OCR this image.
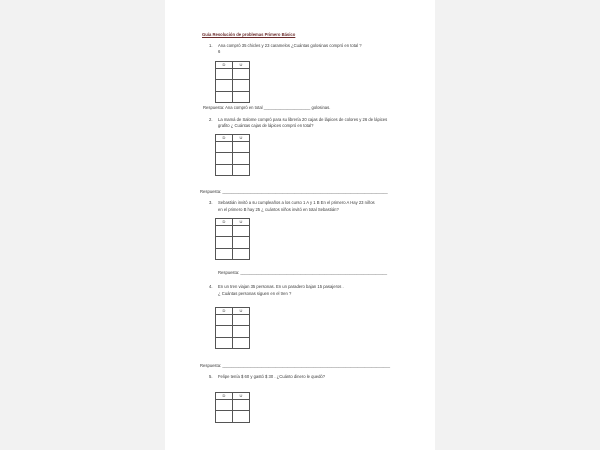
Guía Resolución de problemas Primero Básico
1. Ana compró 35 chicles y 23 caramelos ¿Cuántas golosinas compró en total ?
6
D	U

Respuesta: Ana compró en total ____________________ golosinas.
2. La mamá de Salome compró para su librería 20 cajas de lápices de colores y 26 de lápices
grafito ¿ Cuántas cajas de lápices compró en total?
D	U

Respuesta: _______________________________________________________________________
3. Sebastián invitó a su cumpleaños a los curso 1 A y 1 B En el primero A Hay 23 niños
en el primero B hay 25 ¿ cuántos niños invitó en total Sebastián?
D	U

Respuesta: _______________________________________________________________
4. En un tren viajan 35 personas. En un paradero bajan 15 pasajeros .
¿ Cuántas personas siguen en el tren ?
D	U

Respuesta: ________________________________________________________________________
5. Felipe tenía $ 60 y gastó $ 30 . ¿Cuánto dinero le quedó?
D	U
